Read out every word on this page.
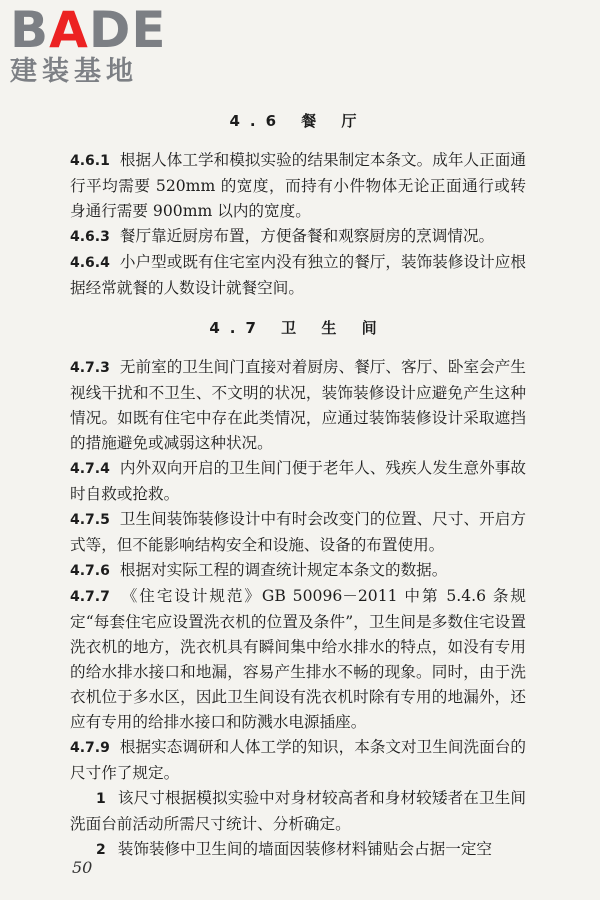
BADE
建装基地
4.6 餐 厅

4.6.1 根据人体工学和模拟实验的结果制定本条文。成年人正面通行平均需要 520mm 的宽度，而持有小件物体无论正面通行或转身通行需要 900mm 以内的宽度。

4.6.3 餐厅靠近厨房布置，方便备餐和观察厨房的烹调情况。

4.6.4 小户型或既有住宅室内没有独立的餐厅，装饰装修设计应根据经常就餐的人数设计就餐空间。

4.7 卫 生 间

4.7.3 无前室的卫生间门直接对着厨房、餐厅、客厅、卧室会产生视线干扰和不卫生、不文明的状况，装饰装修设计应避免产生这种情况。如既有住宅中存在此类情况，应通过装饰装修设计采取遮挡的措施避免或减弱这种状况。

4.7.4 内外双向开启的卫生间门便于老年人、残疾人发生意外事故时自救或抢救。

4.7.5 卫生间装饰装修设计中有时会改变门的位置、尺寸、开启方式等，但不能影响结构安全和设施、设备的布置使用。

4.7.6 根据对实际工程的调查统计规定本条文的数据。

4.7.7 《住宅设计规范》GB 50096－2011 中第 5.4.6 条规定“每套住宅应设置洗衣机的位置及条件”，卫生间是多数住宅设置洗衣机的地方，洗衣机具有瞬间集中给水排水的特点，如没有专用的给水排水接口和地漏，容易产生排水不畅的现象。同时，由于洗衣机位于多水区，因此卫生间设有洗衣机时除有专用的地漏外，还应有专用的给排水接口和防溅水电源插座。

4.7.9 根据实态调研和人体工学的知识，本条文对卫生间洗面台的尺寸作了规定。

1 该尺寸根据模拟实验中对身材较高者和身材较矮者在卫生间洗面台前活动所需尺寸统计、分析确定。

2 装饰装修中卫生间的墙面因装修材料铺贴会占据一定空

50
